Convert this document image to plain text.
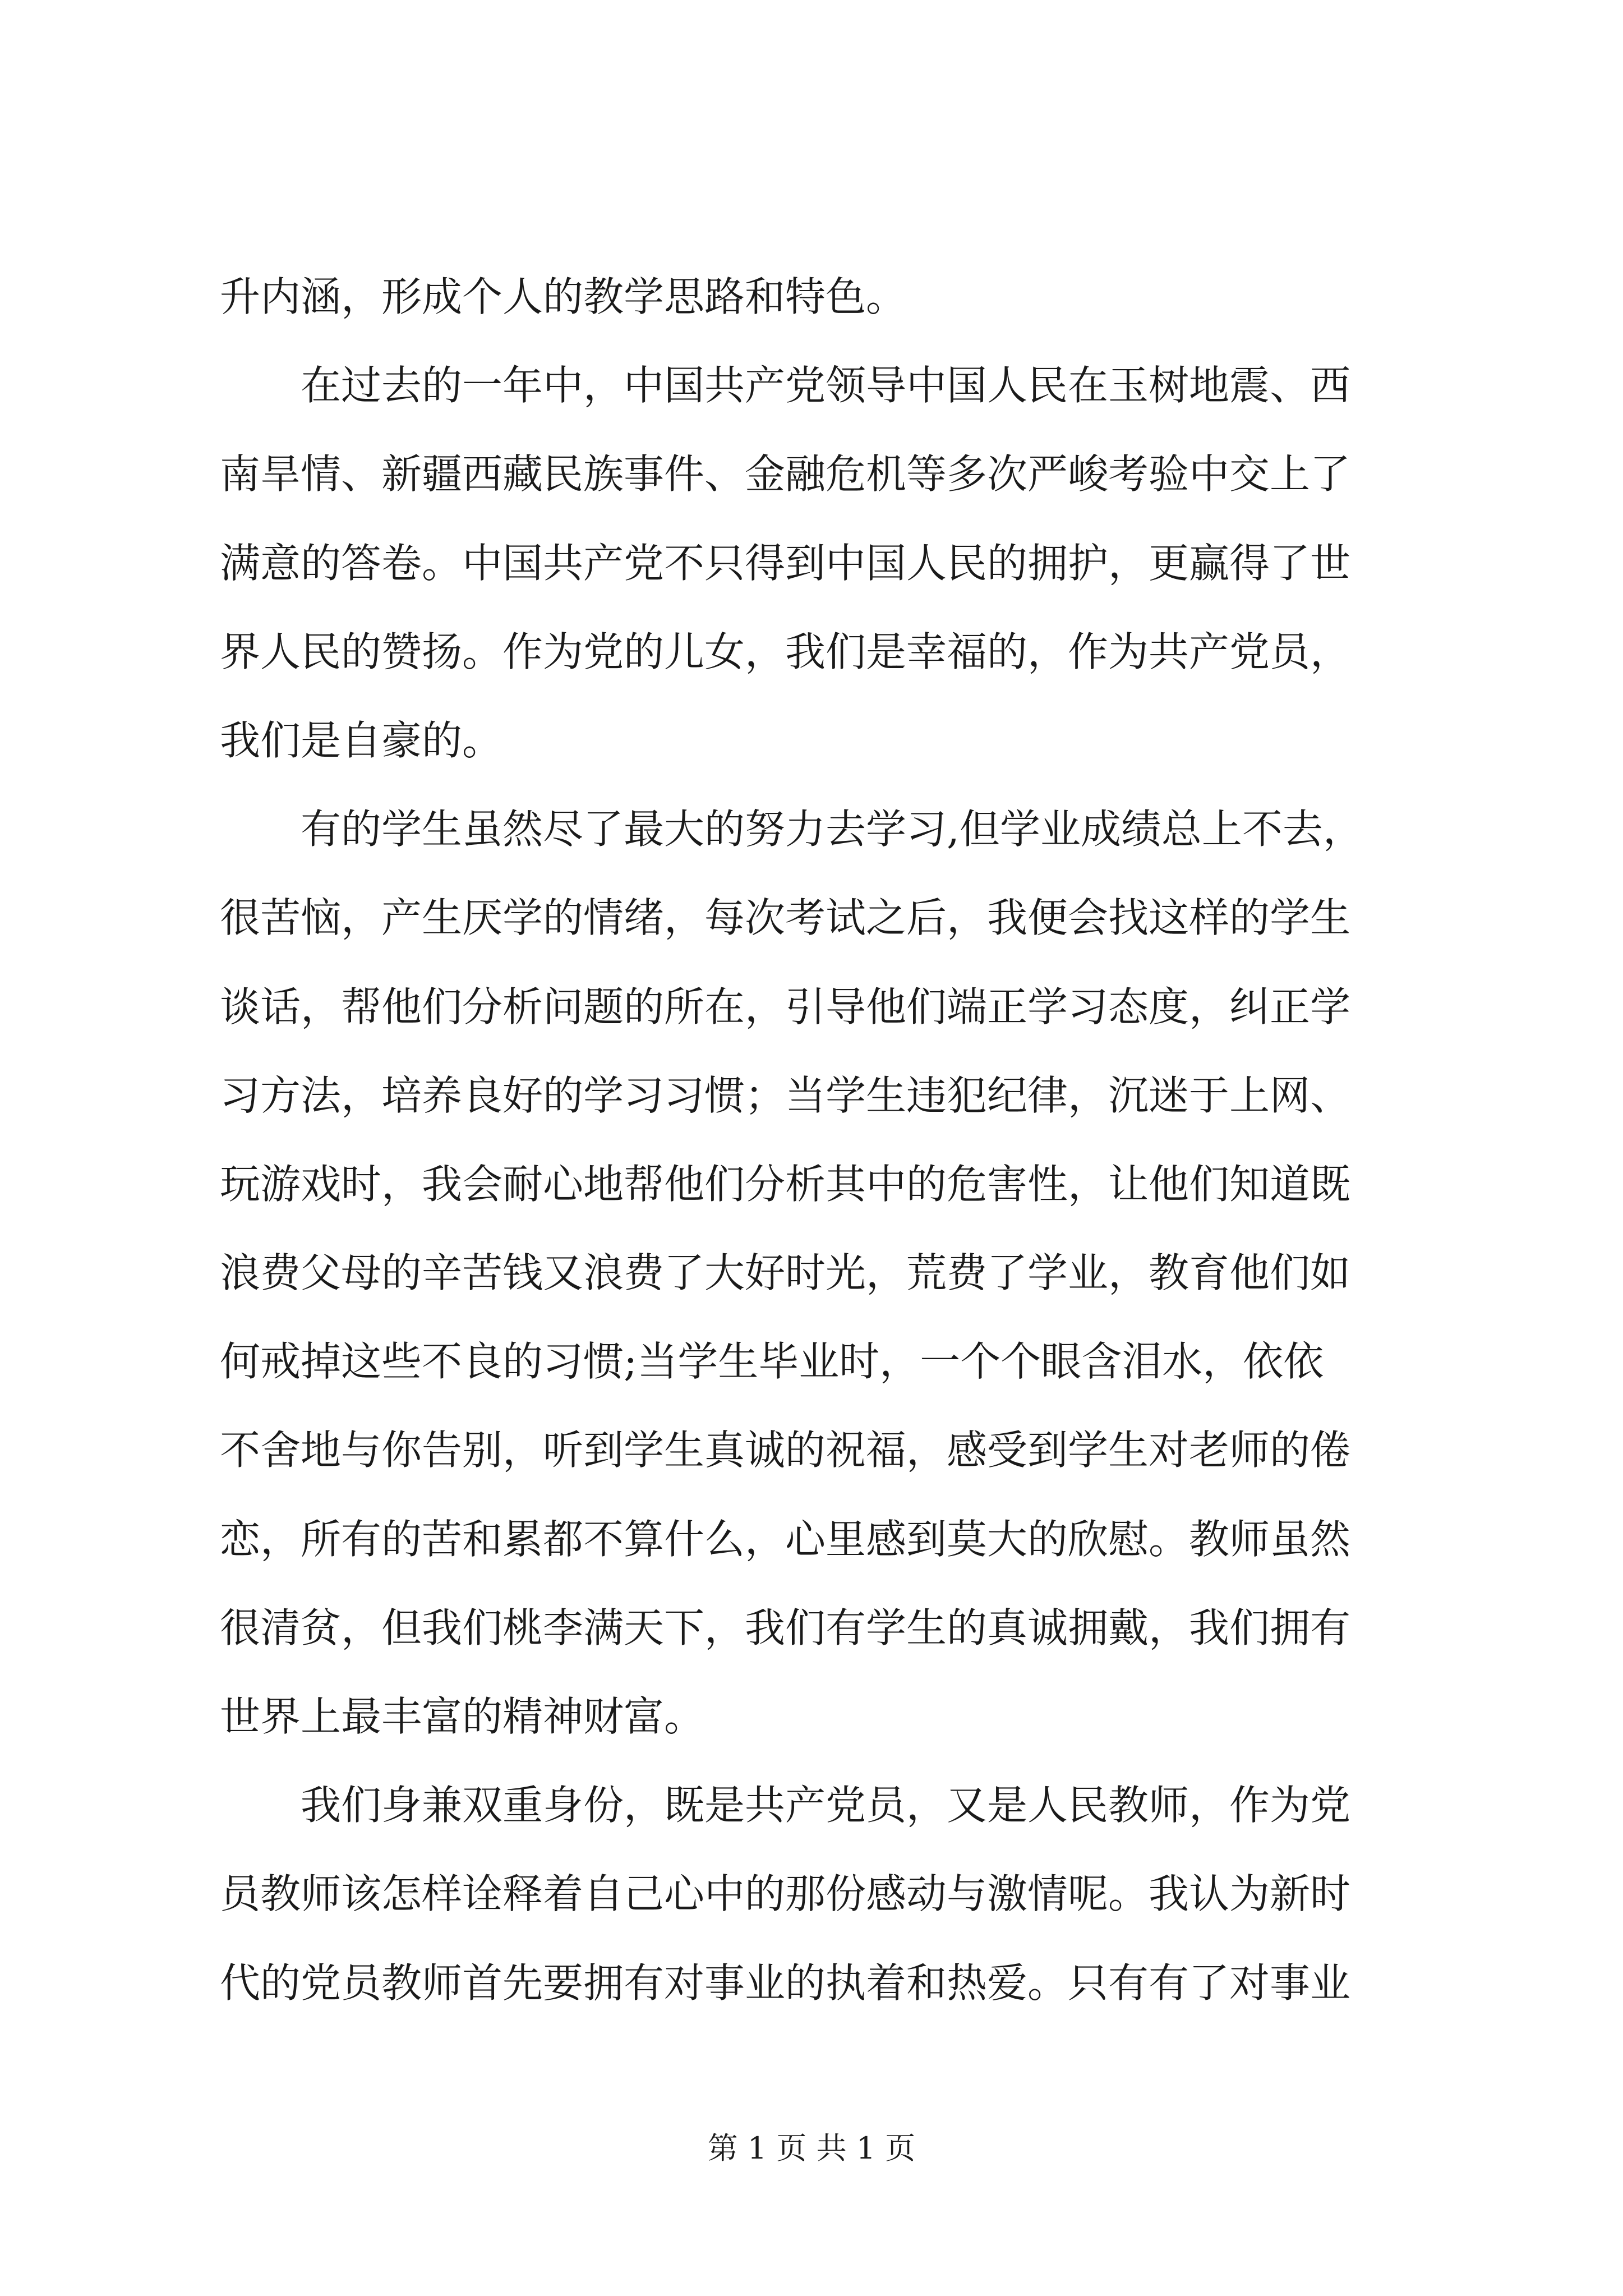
升内涵，形成个人的教学思路和特色。
　　在过去的一年中，中国共产党领导中国人民在玉树地震、西
南旱情、新疆西藏民族事件、金融危机等多次严峻考验中交上了
满意的答卷。中国共产党不只得到中国人民的拥护，更赢得了世
界人民的赞扬。作为党的儿女，我们是幸福的，作为共产党员，
我们是自豪的。
　　有的学生虽然尽了最大的努力去学习,但学业成绩总上不去，
很苦恼，产生厌学的情绪，每次考试之后，我便会找这样的学生
谈话，帮他们分析问题的所在，引导他们端正学习态度，纠正学
习方法，培养良好的学习习惯；当学生违犯纪律，沉迷于上网、
玩游戏时，我会耐心地帮他们分析其中的危害性，让他们知道既
浪费父母的辛苦钱又浪费了大好时光，荒费了学业，教育他们如
何戒掉这些不良的习惯;当学生毕业时，一个个眼含泪水，依依
不舍地与你告别，听到学生真诚的祝福，感受到学生对老师的倦
恋，所有的苦和累都不算什么，心里感到莫大的欣慰。教师虽然
很清贫，但我们桃李满天下，我们有学生的真诚拥戴，我们拥有
世界上最丰富的精神财富。
　　我们身兼双重身份，既是共产党员，又是人民教师，作为党
员教师该怎样诠释着自己心中的那份感动与激情呢。我认为新时
代的党员教师首先要拥有对事业的执着和热爱。只有有了对事业
第 1 页 共 1 页
